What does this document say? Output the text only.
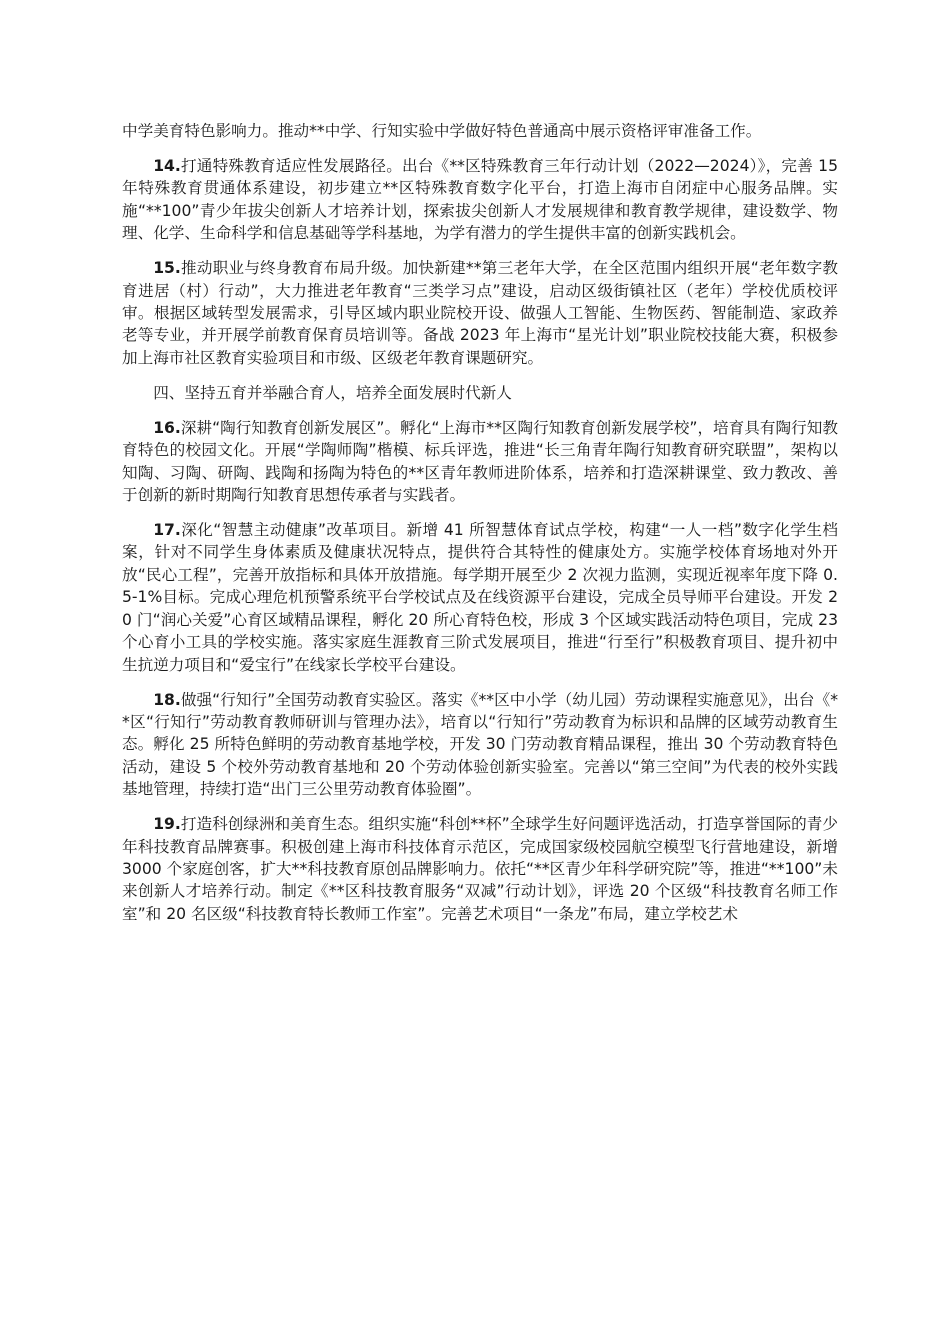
中学美育特色影响力。推动**中学、行知实验中学做好特色普通高中展示资格评审准备工作。

14.打通特殊教育适应性发展路径。出台《**区特殊教育三年行动计划（2022—2024）》，完善 15 年特殊教育贯通体系建设，初步建立**区特殊教育数字化平台，打造上海市自闭症中心服务品牌。实施“**100”青少年拔尖创新人才培养计划，探索拔尖创新人才发展规律和教育教学规律，建设数学、物理、化学、生命科学和信息基础等学科基地，为学有潜力的学生提供丰富的创新实践机会。

15.推动职业与终身教育布局升级。加快新建**第三老年大学，在全区范围内组织开展“老年数字教育进居（村）行动”，大力推进老年教育“三类学习点”建设，启动区级街镇社区（老年）学校优质校评审。根据区域转型发展需求，引导区域内职业院校开设、做强人工智能、生物医药、智能制造、家政养老等专业，并开展学前教育保育员培训等。备战 2023 年上海市“星光计划”职业院校技能大赛，积极参加上海市社区教育实验项目和市级、区级老年教育课题研究。

四、坚持五育并举融合育人，培养全面发展时代新人

16.深耕“陶行知教育创新发展区”。孵化“上海市**区陶行知教育创新发展学校”，培育具有陶行知教育特色的校园文化。开展“学陶师陶”楷模、标兵评选，推进“长三角青年陶行知教育研究联盟”，架构以知陶、习陶、研陶、践陶和扬陶为特色的**区青年教师进阶体系，培养和打造深耕课堂、致力教改、善于创新的新时期陶行知教育思想传承者与实践者。

17.深化“智慧主动健康”改革项目。新增 41 所智慧体育试点学校，构建“一人一档”数字化学生档案，针对不同学生身体素质及健康状况特点，提供符合其特性的健康处方。实施学校体育场地对外开放“民心工程”，完善开放指标和具体开放措施。每学期开展至少 2 次视力监测，实现近视率年度下降 0.5-1%目标。完成心理危机预警系统平台学校试点及在线资源平台建设，完成全员导师平台建设。开发 20 门“润心关爱”心育区域精品课程，孵化 20 所心育特色校，形成 3 个区域实践活动特色项目，完成 23 个心育小工具的学校实施。落实家庭生涯教育三阶式发展项目，推进“行至行”积极教育项目、提升初中生抗逆力项目和“爱宝行”在线家长学校平台建设。

18.做强“行知行”全国劳动教育实验区。落实《**区中小学（幼儿园）劳动课程实施意见》，出台《**区“行知行”劳动教育教师研训与管理办法》，培育以“行知行”劳动教育为标识和品牌的区域劳动教育生态。孵化 25 所特色鲜明的劳动教育基地学校，开发 30 门劳动教育精品课程，推出 30 个劳动教育特色活动，建设 5 个校外劳动教育基地和 20 个劳动体验创新实验室。完善以“第三空间”为代表的校外实践基地管理，持续打造“出门三公里劳动教育体验圈”。

19.打造科创绿洲和美育生态。组织实施“科创**杯”全球学生好问题评选活动，打造享誉国际的青少年科技教育品牌赛事。积极创建上海市科技体育示范区，完成国家级校园航空模型飞行营地建设，新增 3000 个家庭创客，扩大**科技教育原创品牌影响力。依托“**区青少年科学研究院”等，推进“**100”未来创新人才培养行动。制定《**区科技教育服务“双减”行动计划》，评选 20 个区级“科技教育名师工作室”和 20 名区级“科技教育特长教师工作室”。完善艺术项目“一条龙”布局，建立学校艺术
